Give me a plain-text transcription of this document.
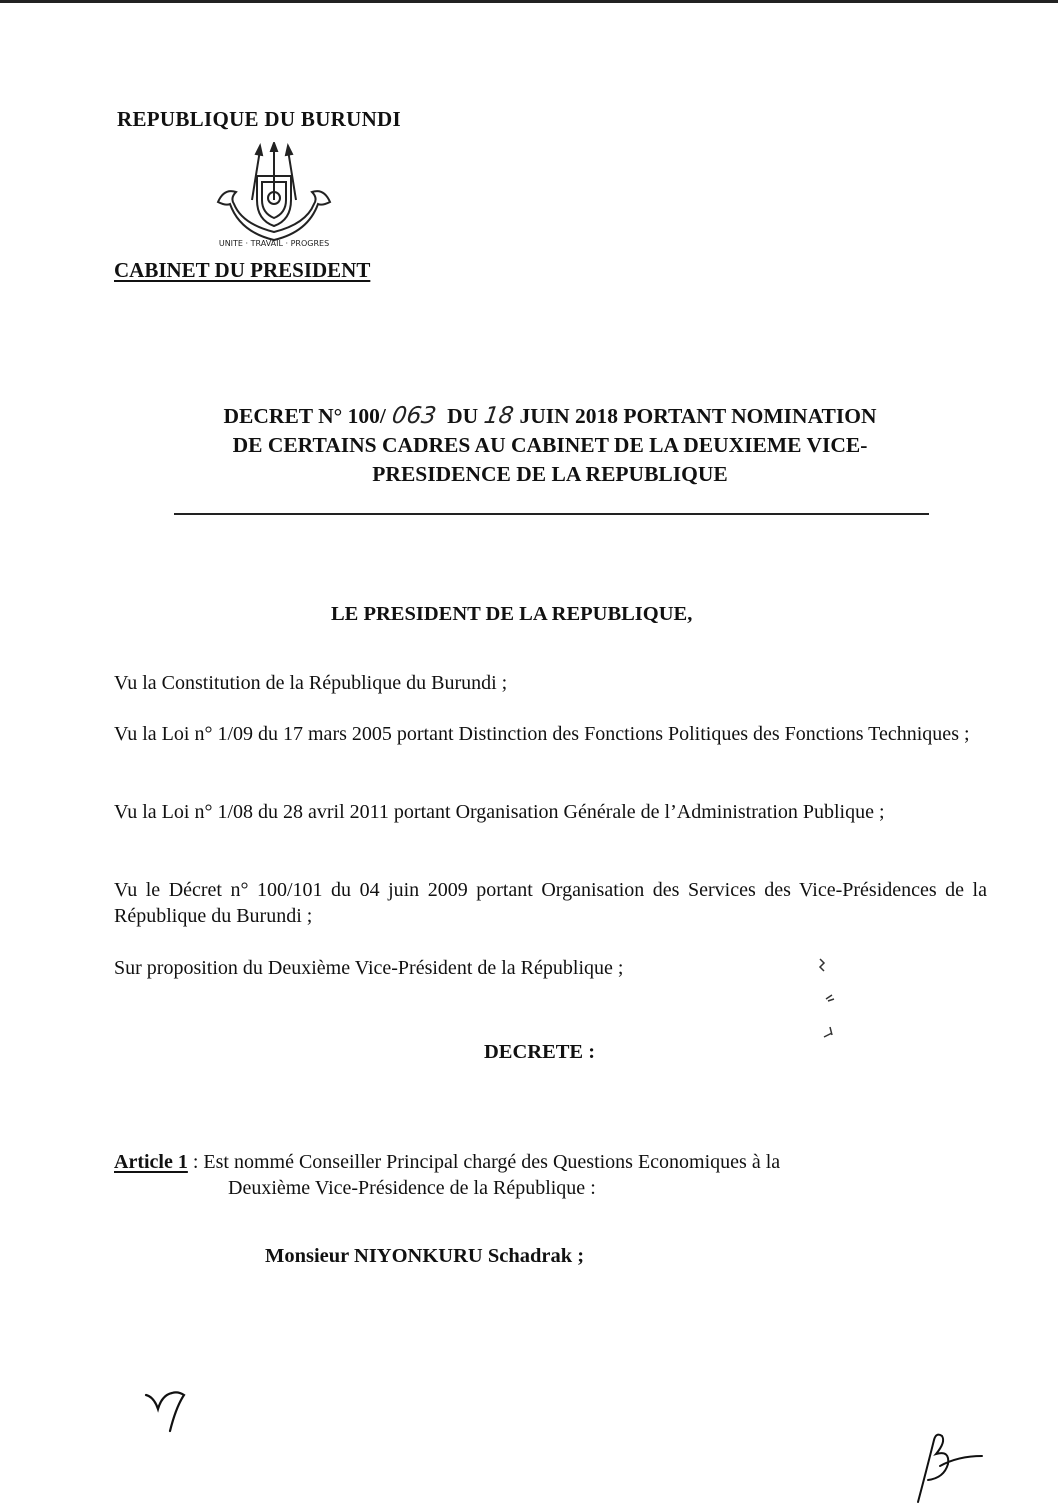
REPUBLIQUE DU BURUNDI
UNITE · TRAVAIL · PROGRES
CABINET DU PRESIDENT
DECRET N° 100/ 063 DU 18 JUIN 2018 PORTANT NOMINATION
DE CERTAINS CADRES AU CABINET DE LA DEUXIEME VICE-
PRESIDENCE DE LA REPUBLIQUE
LE PRESIDENT DE LA REPUBLIQUE,
Vu la Constitution de la République du Burundi ;
Vu la Loi n° 1/09 du 17 mars 2005 portant Distinction des Fonctions Politiques des Fonctions Techniques ;
Vu la Loi n° 1/08 du 28 avril 2011 portant Organisation Générale de l’Administration Publique ;
Vu le Décret n° 100/101 du 04 juin 2009 portant Organisation des Services des Vice-Présidences de la République du Burundi ;
Sur proposition du Deuxième Vice-Président de la République ;
DECRETE :
Article 1 : Est nommé Conseiller Principal chargé des Questions Economiques à la
Deuxième Vice-Présidence de la République :
Monsieur NIYONKURU Schadrak ;
